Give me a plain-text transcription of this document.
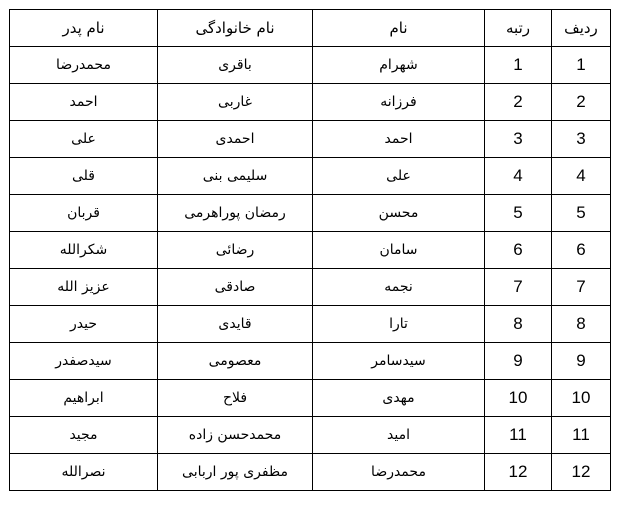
ردیف	رتبه	نام	نام خانوادگی	نام پدر
1	1	شهرام	باقری	محمدرضا
2	2	فرزانه	غاربی	احمد
3	3	احمد	احمدی	علی
4	4	علی	سلیمی بنی	قلی
5	5	محسن	رمضان پوراهرمی	قربان
6	6	سامان	رضائی	شکرالله
7	7	نجمه	صادقی	عزیز الله
8	8	تارا	قایدی	حیدر
9	9	سیدسامر	معصومی	سیدصفدر
10	10	مهدی	فلاح	ابراهیم
11	11	امید	محمدحسن زاده	مجید
12	12	محمدرضا	مظفری پور اربابی	نصرالله
